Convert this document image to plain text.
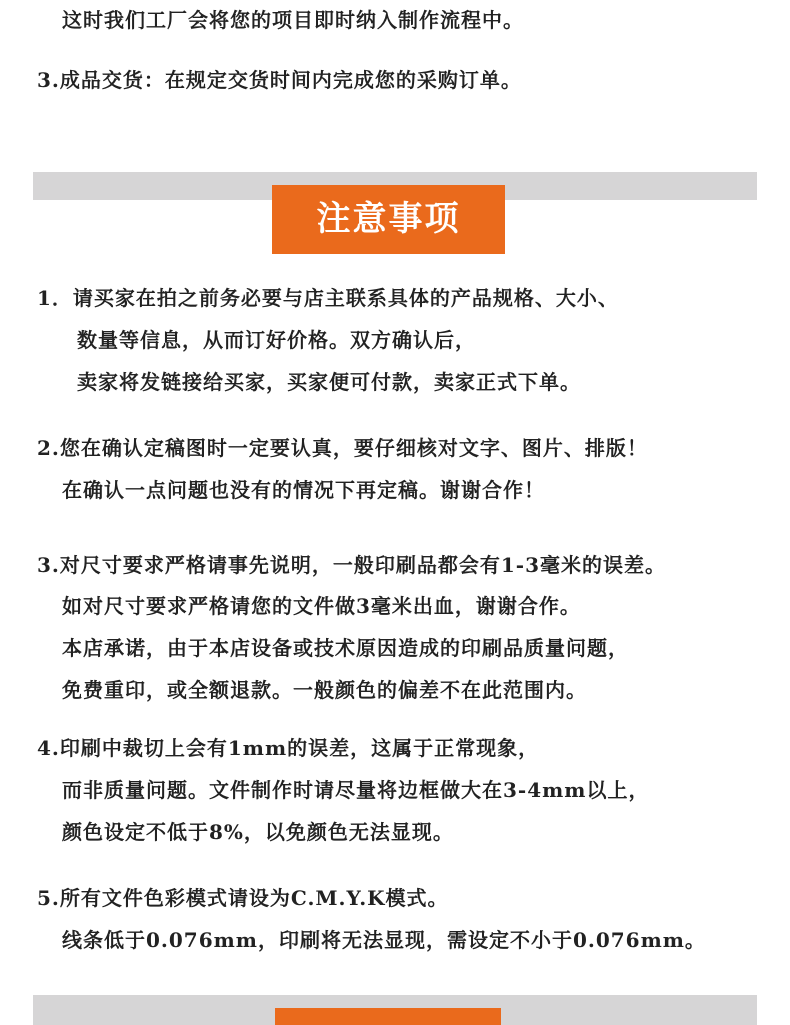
这时我们工厂会将您的项目即时纳入制作流程中。
3.成品交货：在规定交货时间内完成您的采购订单。
注意事项
1．请买家在拍之前务必要与店主联系具体的产品规格、大小、
数量等信息，从而订好价格。双方确认后，
卖家将发链接给买家，买家便可付款，卖家正式下单。
2.您在确认定稿图时一定要认真，要仔细核对文字、图片、排版！
在确认一点问题也没有的情况下再定稿。谢谢合作！
3.对尺寸要求严格请事先说明，一般印刷品都会有1-3毫米的误差。
如对尺寸要求严格请您的文件做3毫米出血，谢谢合作。
本店承诺，由于本店设备或技术原因造成的印刷品质量问题，
免费重印，或全额退款。一般颜色的偏差不在此范围内。
4.印刷中裁切上会有1mm的误差，这属于正常现象，
而非质量问题。文件制作时请尽量将边框做大在3-4mm以上，
颜色设定不低于8%，以免颜色无法显现。
5.所有文件色彩模式请设为C.M.Y.K模式。
线条低于0.076mm，印刷将无法显现，需设定不小于0.076mm。
